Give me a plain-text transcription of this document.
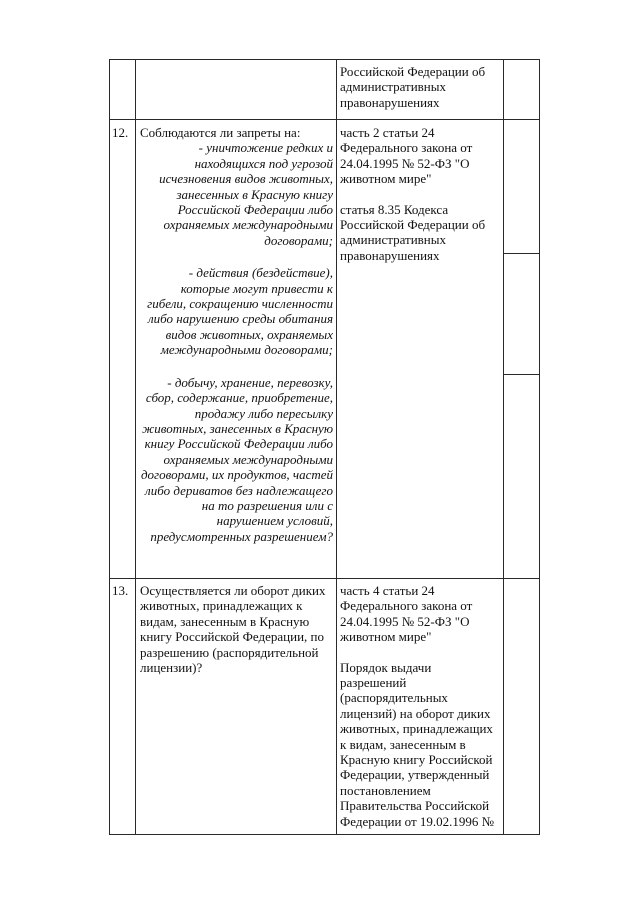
Российской Федерации об административных правонарушениях

12. Соблюдаются ли запреты на:

- уничтожение редких и находящихся под угрозой исчезновения видов животных, занесенных в Красную книгу Российской Федерации либо охраняемых международными договорами;

- действия (бездействие), которые могут привести к гибели, сокращению численности либо нарушению среды обитания видов животных, охраняемых международными договорами;

- добычу, хранение, перевозку, сбор, содержание, приобретение, продажу либо пересылку животных, занесенных в Красную книгу Российской Федерации либо охраняемых международными договорами, их продуктов, частей либо дериватов без надлежащего на то разрешения или с нарушением условий, предусмотренных разрешением?

часть 2 статьи 24 Федерального закона от 24.04.1995 № 52-ФЗ "О животном мире"

статья 8.35 Кодекса Российской Федерации об административных правонарушениях

13. Осуществляется ли оборот диких животных, принадлежащих к видам, занесенным в Красную книгу Российской Федерации, по разрешению (распорядительной лицензии)?

часть 4 статьи 24 Федерального закона от 24.04.1995 № 52-ФЗ "О животном мире"

Порядок выдачи разрешений (распорядительных лицензий) на оборот диких животных, принадлежащих к видам, занесенным в Красную книгу Российской Федерации, утвержденный постановлением Правительства Российской Федерации от 19.02.1996 №
